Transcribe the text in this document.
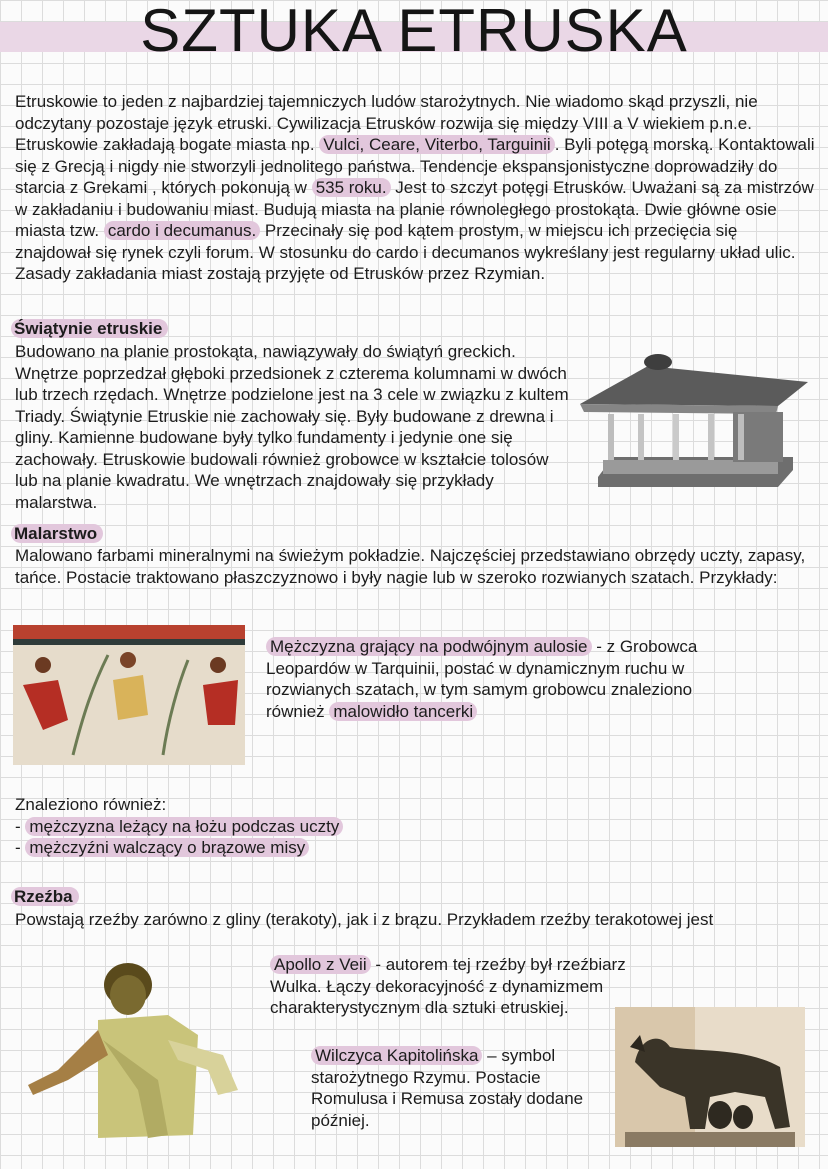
SZTUKA ETRUSKA
Etruskowie to jeden z najbardziej tajemniczych ludów starożytnych. Nie wiadomo skąd przyszli, nie odczytany pozostaje język etruski. Cywilizacja Etrusków rozwija się między VIII a V wiekiem p.n.e. Etruskowie zakładają bogate miasta np. Vulci, Ceare, Viterbo, Targuinii . Byli potęgą morską. Kontaktowali się z Grecją i nigdy nie stworzyli jednolitego państwa. Tendencje ekspansjonistyczne doprowadziły do starcia z Grekami , których pokonują w 535 roku. Jest to szczyt potęgi Etrusków. Uważani są za mistrzów w zakładaniu i budowaniu miast. Budują miasta na planie równoległego prostokąta. Dwie główne osie miasta tzw. cardo i decumanus. Przecinały się pod kątem prostym, w miejscu ich przecięcia się znajdował się rynek czyli forum. W stosunku do cardo i decumanos wykreślany jest regularny układ ulic. Zasady zakładania miast zostają przyjęte od Etrusków przez Rzymian.
Świątynie etruskie
Budowano na planie prostokąta, nawiązywały do świątyń greckich. Wnętrze poprzedzał głęboki przedsionek z czterema kolumnami w dwóch lub trzech rzędach. Wnętrze podzielone jest na 3 cele w związku z kultem Triady. Świątynie Etruskie nie zachowały się. Były budowane z drewna i gliny. Kamienne budowane były tylko fundamenty i jedynie one się zachowały. Etruskowie budowali również grobowce w kształcie tolosów lub na planie kwadratu. We wnętrzach znajdowały się przykłady malarstwa.
Malarstwo
Malowano farbami mineralnymi na świeżym pokładzie. Najczęściej przedstawiano obrzędy uczty, zapasy, tańce. Postacie traktowano płaszczyznowo i były nagie lub w szeroko rozwianych szatach. Przykłady:
Mężczyzna grający na podwójnym aulosie - z Grobowca Leopardów w Tarquinii, postać w dynamicznym ruchu w rozwianych szatach, w tym samym grobowcu znaleziono również malowidło tancerki
Znaleziono również:
- mężczyzna leżący na łożu podczas uczty
- mężczyźni walczący o brązowe misy
Rzeźba
Powstają rzeźby zarówno z gliny (terakoty), jak i z brązu. Przykładem rzeźby terakotowej jest
Apollo z Veii - autorem tej rzeźby był rzeźbiarz Wulka. Łączy dekoracyjność z dynamizmem charakterystycznym dla sztuki etruskiej.
Wilczyca Kapitolińska – symbol starożytnego Rzymu. Postacie Romulusa i Remusa zostały dodane później.
